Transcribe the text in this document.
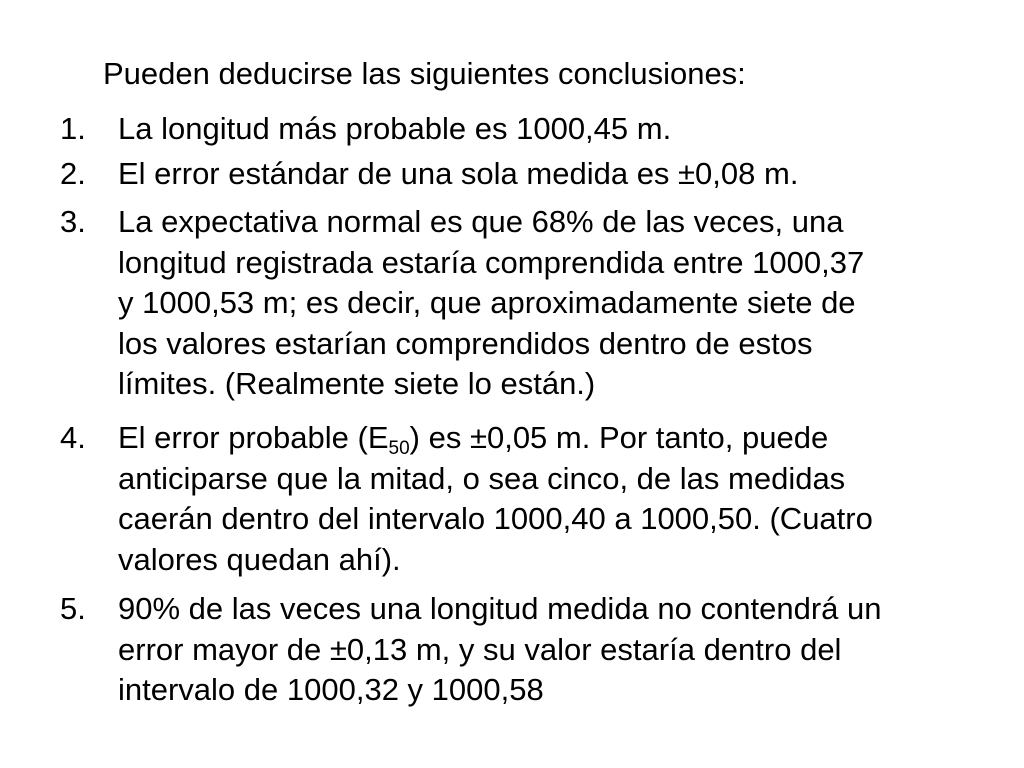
Pueden deducirse las siguientes conclusiones:

1.	La longitud más probable es 1000,45 m.
2.	El error estándar de una sola medida es ±0,08 m.
3.	La expectativa normal es que 68% de las veces, una
longitud registrada estaría comprendida entre 1000,37
y 1000,53 m; es decir, que aproximadamente siete de
los valores estarían comprendidos dentro de estos
límites. (Realmente siete lo están.)
4.	El error probable $(E_{50})$ es ±0,05 m. Por tanto, puede
anticiparse que la mitad, o sea cinco, de las medidas
caerán dentro del intervalo 1000,40 a 1000,50. (Cuatro
valores quedan ahí).
5.	90% de las veces una longitud medida no contendrá un
error mayor de ±0,13 m, y su valor estaría dentro del
intervalo de 1000,32 y 1000,58
